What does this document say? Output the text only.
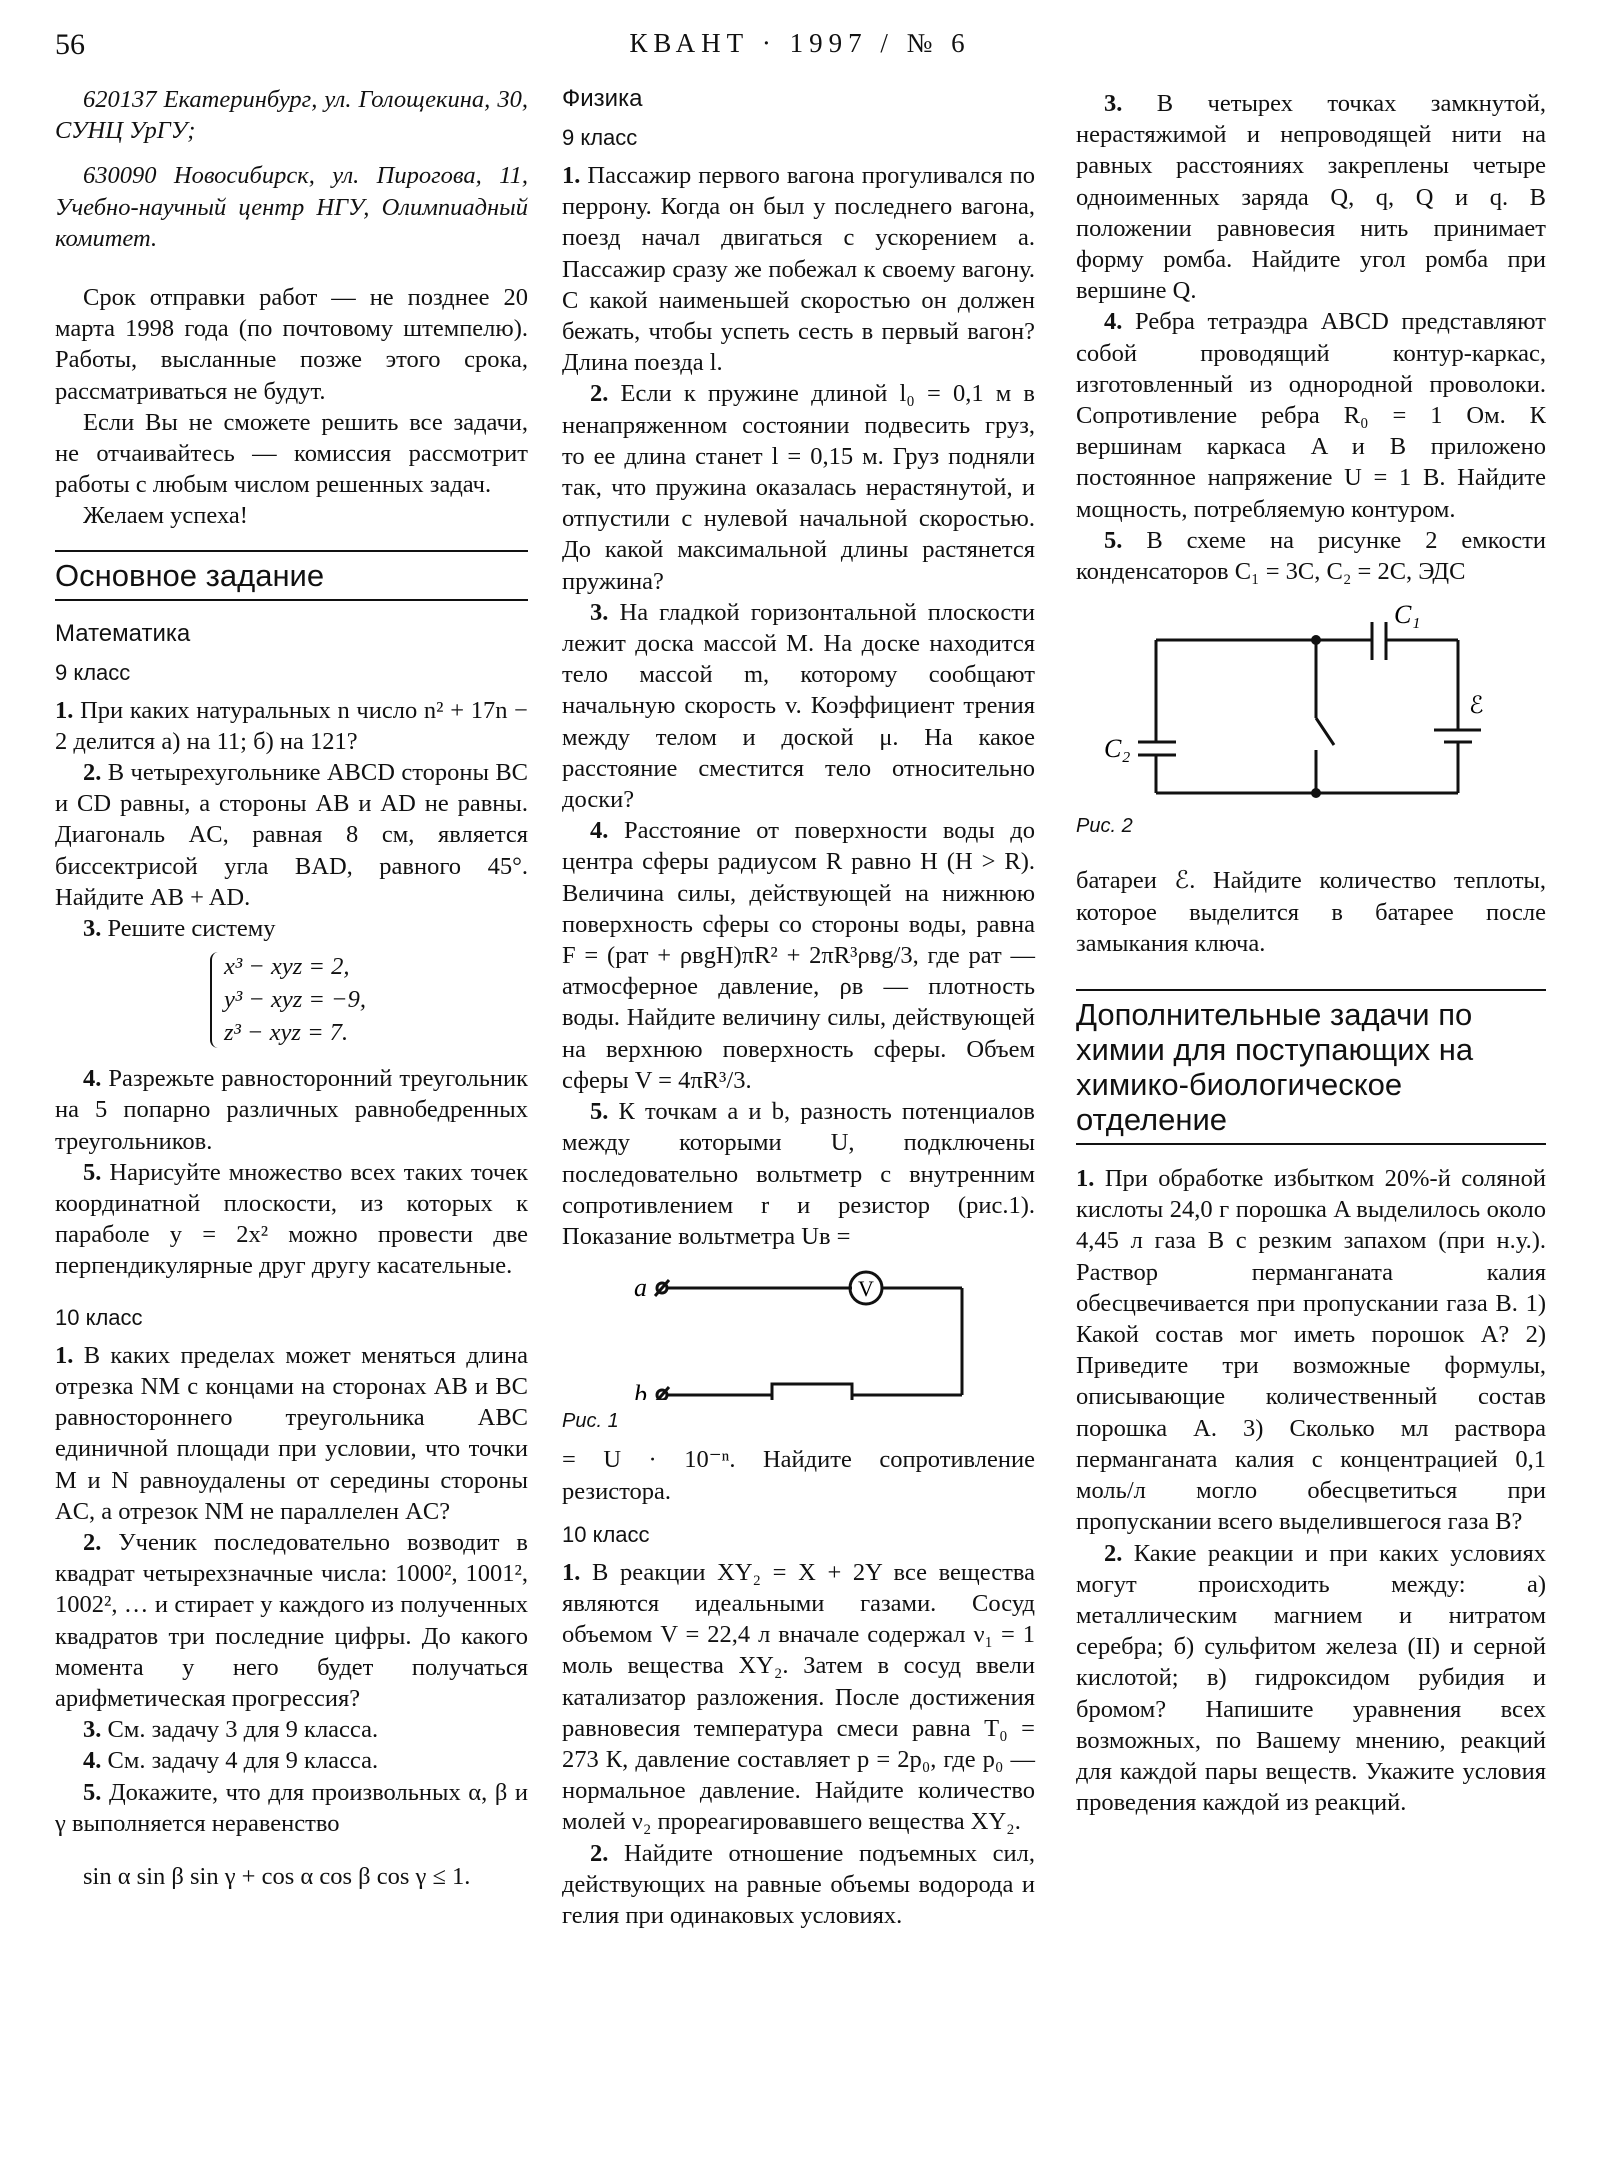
56	КВАНТ · 1997 / № 6

620137 Екатеринбург, ул. Голощекина, 30, СУНЦ УрГУ;

630090 Новосибирск, ул. Пирогова, 11, Учебно-научный центр НГУ, Олимпиадный комитет.

Срок отправки работ — не позднее 20 марта 1998 года (по почтовому штемпелю). Работы, высланные позже этого срока, рассматриваться не будут.

Если Вы не сможете решить все задачи, не отчаивайтесь — комиссия рассмотрит работы с любым числом решенных задач.

Желаем успеха!

Основное задание
Математика
9 класс

1. При каких натуральных n число n² + 17n − 2 делится а) на 11; б) на 121?

2. В четырехугольнике ABCD стороны BC и CD равны, а стороны AB и AD не равны. Диагональ AC, равная 8 см, является биссектрисой угла BAD, равного 45°. Найдите AB + AD.

3. Решите систему

x³ − xyz = 2,
y³ − xyz = −9,
z³ − xyz = 7.

4. Разрежьте равносторонний треугольник на 5 попарно различных равнобедренных треугольников.

5. Нарисуйте множество всех таких точек координатной плоскости, из которых к параболе y = 2x² можно провести две перпендикулярные друг другу касательные.

10 класс

1. В каких пределах может меняться длина отрезка NM с концами на сторонах AB и BC равностороннего треугольника ABC единичной площади при условии, что точки M и N равноудалены от середины стороны AC, а отрезок NM не параллелен AC?

2. Ученик последовательно возводит в квадрат четырехзначные числа: 1000², 1001², 1002², … и стирает у каждого из полученных квадратов три последние цифры. До какого момента у него будет получаться арифметическая прогрессия?

3. См. задачу 3 для 9 класса.

4. См. задачу 4 для 9 класса.

5. Докажите, что для произвольных α, β и γ выполняется неравенство

sin α sin β sin γ + cos α cos β cos γ ≤ 1.
Физика
9 класс

1. Пассажир первого вагона прогуливался по перрону. Когда он был у последнего вагона, поезд начал двигаться с ускорением a. Пассажир сразу же побежал к своему вагону. С какой наименьшей скоростью он должен бежать, чтобы успеть сесть в первый вагон? Длина поезда l.

2. Если к пружине длиной l₀ = 0,1 м в ненапряженном состоянии подвесить груз, то ее длина станет l = 0,15 м. Груз подняли так, что пружина оказалась нерастянутой, и отпустили с нулевой начальной скоростью. До какой максимальной длины растянется пружина?

3. На гладкой горизонтальной плоскости лежит доска массой M. На доске находится тело массой m, которому сообщают начальную скорость v. Коэффициент трения между телом и доской μ. На какое расстояние сместится тело относительно доски?

4. Расстояние от поверхности воды до центра сферы радиусом R равно H (H > R). Величина силы, действующей на нижнюю поверхность сферы со стороны воды, равна F = (pат + ρвgH)πR² + 2πR³ρвg/3, где pат — атмосферное давление, ρв — плотность воды. Найдите величину силы, действующей на верхнюю поверхность сферы. Объем сферы V = 4πR³/3.

5. К точкам a и b, разность потенциалов между которыми U, подключены последовательно вольтметр с внутренним сопротивлением r и резистор (рис.1). Показание вольтметра Uв =

V
a
b
Рис. 1

= U · 10⁻ⁿ. Найдите сопротивление резистора.

10 класс

1. В реакции XY₂ = X + 2Y все вещества являются идеальными газами. Сосуд объемом V = 22,4 л вначале содержал ν₁ = 1 моль вещества XY₂. Затем в сосуд ввели катализатор разложения. После достижения равновесия температура смеси равна T₀ = 273 К, давление составляет p = 2p₀, где p₀ — нормальное давление. Найдите количество молей ν₂ прореагировавшего вещества XY₂.

2. Найдите отношение подъемных сил, действующих на равные объемы водорода и гелия при одинаковых условиях.

3. В четырех точках замкнутой, нерастяжимой и непроводящей нити на равных расстояниях закреплены четыре одноименных заряда Q, q, Q и q. В положении равновесия нить принимает форму ромба. Найдите угол ромба при вершине Q.

4. Ребра тетраэдра ABCD представляют собой проводящий контур-каркас, изготовленный из однородной проволоки. Сопротивление ребра R₀ = 1 Ом. К вершинам каркаса A и B приложено постоянное напряжение U = 1 В. Найдите мощность, потребляемую контуром.

5. В схеме на рисунке 2 емкости конденсаторов C₁ = 3C, C₂ = 2C, ЭДС

C₁
C₂
ℰ
Рис. 2

батареи ℰ. Найдите количество теплоты, которое выделится в батарее после замыкания ключа.

Дополнительные задачи по химии для поступающих на химико-биологическое отделение

1. При обработке избытком 20%-й соляной кислоты 24,0 г порошка A выделилось около 4,45 л газа B с резким запахом (при н.у.). Раствор перманганата калия обесцвечивается при пропускании газа B. 1) Какой состав мог иметь порошок A? 2) Приведите три возможные формулы, описывающие количественный состав порошка A. 3) Сколько мл раствора перманганата калия с концентрацией 0,1 моль/л могло обесцветиться при пропускании всего выделившегося газа B?

2. Какие реакции и при каких условиях могут происходить между: а) металлическим магнием и нитратом серебра; б) сульфитом железа (II) и серной кислотой; в) гидроксидом рубидия и бромом? Напишите уравнения всех возможных, по Вашему мнению, реакций для каждой пары веществ. Укажите условия проведения каждой из реакций.
